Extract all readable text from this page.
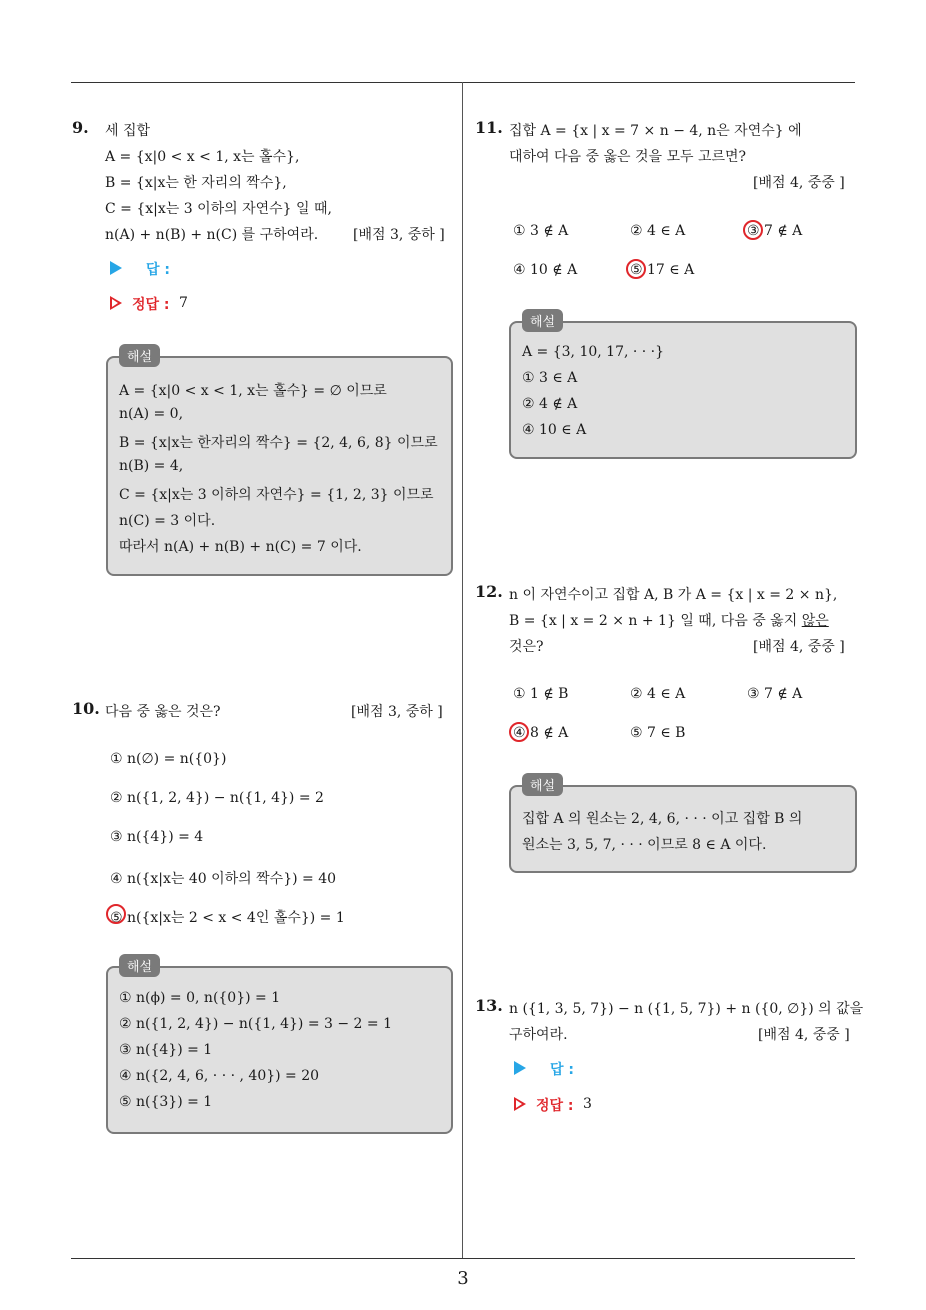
9. 세 집합
A = {x|0 < x < 1, x는 홀수},
B = {x|x는 한 자리의 짝수},
C = {x|x는 3 이하의 자연수} 일 때,
n(A) + n(B) + n(C) 를 구하여라. [배점 3, 중하 ]
답 :
정답 : 7
해설
A = {x|0 < x < 1, x는 홀수} = ∅ 이므로
n(A) = 0,
B = {x|x는 한자리의 짝수} = {2, 4, 6, 8} 이므로
n(B) = 4,
C = {x|x는 3 이하의 자연수} = {1, 2, 3} 이므로
n(C) = 3 이다.
따라서 n(A) + n(B) + n(C) = 7 이다.
10. 다음 중 옳은 것은?	[배점 3, 중하 ]
① n(∅) = n({0})
② n({1, 2, 4}) − n({1, 4}) = 2
③ n({4}) = 4
④ n({x|x는 40 이하의 짝수}) = 40
⑤ n({x|x는 2 < x < 4인 홀수}) = 1
해설
① n(ϕ) = 0, n({0}) = 1
② n({1, 2, 4}) − n({1, 4}) = 3 − 2 = 1
③ n({4}) = 1
④ n({2, 4, 6, · · · , 40}) = 20
⑤ n({3}) = 1
11. 집합 A = {x | x = 7 × n − 4, n은 자연수} 에
대하여 다음 중 옳은 것을 모두 고르면?
[배점 4, 중중 ]
① 3 ∉ A	② 4 ∈ A	③ 7 ∉ A
④ 10 ∉ A	⑤ 17 ∈ A
해설
A = {3, 10, 17, · · ·}
① 3 ∈ A
② 4 ∉ A
④ 10 ∈ A
12. n 이 자연수이고 집합 A, B 가 A = {x | x = 2 × n},
B = {x | x = 2 × n + 1} 일 때, 다음 중 옳지 않은
것은?	[배점 4, 중중 ]
① 1 ∉ B	② 4 ∈ A	③ 7 ∉ A
④ 8 ∉ A	⑤ 7 ∈ B
해설
집합 A 의 원소는 2, 4, 6, · · · 이고 집합 B 의
원소는 3, 5, 7, · · · 이므로 8 ∈ A 이다.
13. n ({1, 3, 5, 7}) − n ({1, 5, 7}) + n ({0, ∅}) 의 값을
구하여라.	[배점 4, 중중 ]
답 :
정답 : 3
3
